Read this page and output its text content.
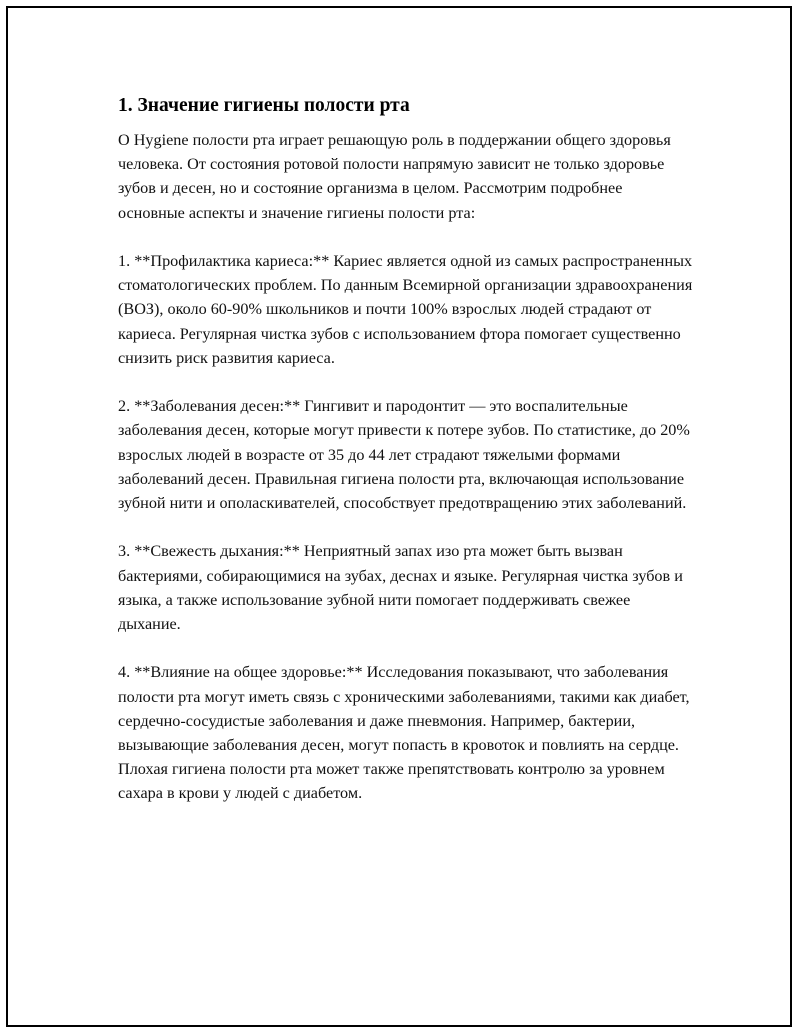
1. Значение гигиены полости рта

О Hygiene полости рта играет решающую роль в поддержании общего здоровья человека. От состояния ротовой полости напрямую зависит не только здоровье зубов и десен, но и состояние организма в целом. Рассмотрим подробнее основные аспекты и значение гигиены полости рта:

1. **Профилактика кариеса:** Кариес является одной из самых распространенных стоматологических проблем. По данным Всемирной организации здравоохранения (ВОЗ), около 60-90% школьников и почти 100% взрослых людей страдают от кариеса. Регулярная чистка зубов с использованием фтора помогает существенно снизить риск развития кариеса.

2. **Заболевания десен:** Гингивит и пародонтит — это воспалительные заболевания десен, которые могут привести к потере зубов. По статистике, до 20% взрослых людей в возрасте от 35 до 44 лет страдают тяжелыми формами заболеваний десен. Правильная гигиена полости рта, включающая использование зубной нити и ополаскивателей, способствует предотвращению этих заболеваний.

3. **Свежесть дыхания:** Неприятный запах изо рта может быть вызван бактериями, собирающимися на зубах, деснах и языке. Регулярная чистка зубов и языка, а также использование зубной нити помогает поддерживать свежее дыхание.

4. **Влияние на общее здоровье:** Исследования показывают, что заболевания полости рта могут иметь связь с хроническими заболеваниями, такими как диабет, сердечно-сосудистые заболевания и даже пневмония. Например, бактерии, вызывающие заболевания десен, могут попасть в кровоток и повлиять на сердце. Плохая гигиена полости рта может также препятствовать контролю за уровнем сахара в крови у людей с диабетом.
